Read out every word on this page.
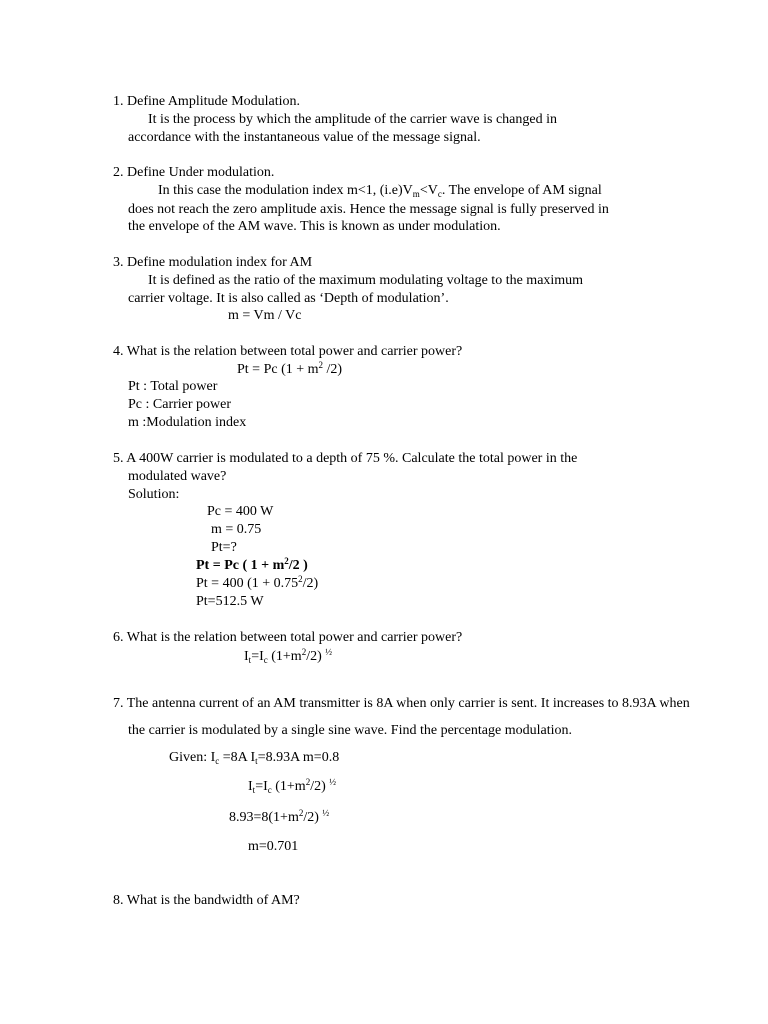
1. Define Amplitude Modulation.
It is the process by which the amplitude of the carrier wave is changed in
accordance with the instantaneous value of the message signal.
2. Define Under modulation.
In this case the modulation index m<1, $(i.e)V_m<V_c$. The envelope of AM signal
does not reach the zero amplitude axis. Hence the message signal is fully preserved in
the envelope of the AM wave. This is known as under modulation.
3. Define modulation index for AM
It is defined as the ratio of the maximum modulating voltage to the maximum
carrier voltage. It is also called as ‘Depth of modulation’.
m = Vm / Vc
4. What is the relation between total power and carrier power?
Pt = Pc ($1 + m^2$ /2)
Pt : Total power
Pc : Carrier power
m :Modulation index
5. A 400W carrier is modulated to a depth of 75 %. Calculate the total power in the
modulated wave?
Solution:
Pc = 400 W
m = 0.75
Pt=?
Pt = Pc ( $1 + m^2/2$ )
Pt = 400 $(1 + 0.75^2/2)$
Pt=512.5 W
6. What is the relation between total power and carrier power?
$I_t=I_c$ $(1+m^2/2)$ $^{\frac{1}{2}}$
7. The antenna current of an AM transmitter is 8A when only carrier is sent. It increases to 8.93A when
the carrier is modulated by a single sine wave. Find the percentage modulation.
Given: $I_c =8A$ $I_t=8.93A$ m=0.8
$I_t=I_c$ $(1+m^2/2)$ $^{\frac{1}{2}}$
$8.93=8(1+m^2/2)$ $^{\frac{1}{2}}$
m=0.701
8. What is the bandwidth of AM?
